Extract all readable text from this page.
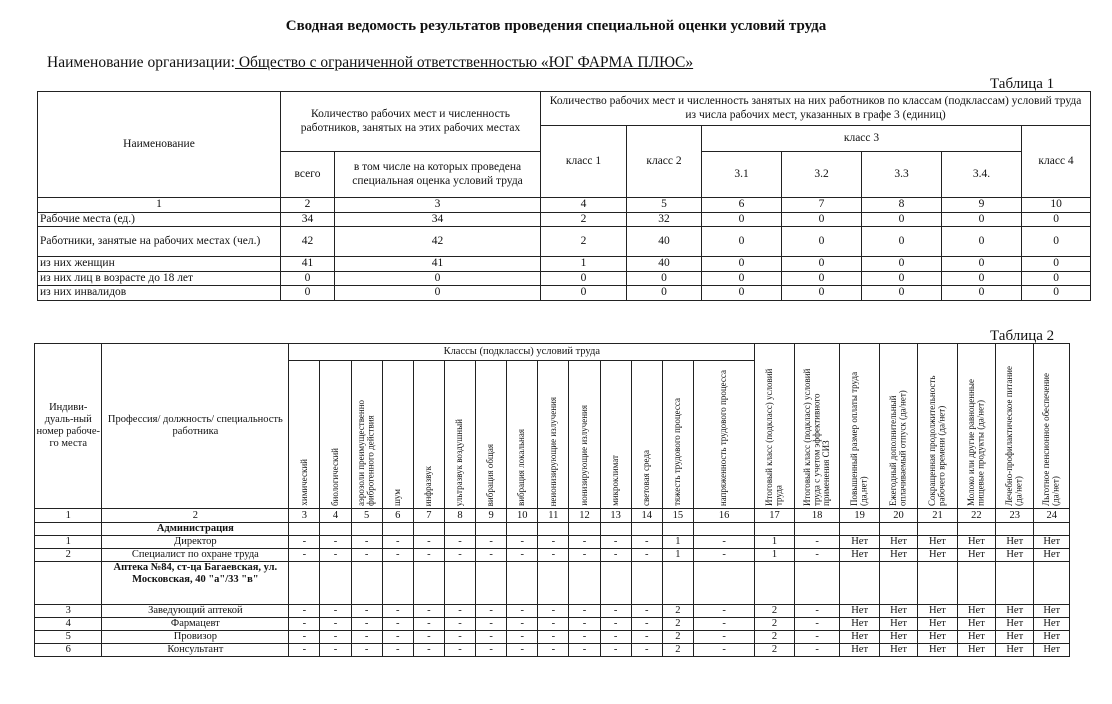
Сводная ведомость результатов проведения специальной оценки условий труда
Наименование организации: Общество с ограниченной ответственностью «ЮГ ФАРМА ПЛЮС»
Таблица 1
Наименование	Количество рабочих мест и численность работников, занятых на этих рабочих местах		Количество рабочих мест и численность занятых на них работников по классам (подклассам) условий труда из числа рабочих мест, указанных в графе 3 (единиц)						
			класс 1	класс 2	класс 3				класс 4
	всего	в том числе на которых проведена специальная оценка условий труда			3.1	3.2	3.3	3.4.	
1	2	3	4	5	6	7	8	9	10
Рабочие места (ед.)	34	34	2	32	0	0	0	0	0
Работники, занятые на рабочих местах (чел.)	42	42	2	40	0	0	0	0	0
из них женщин	41	41	1	40	0	0	0	0	0
из них лиц в возрасте до 18 лет	0	0	0	0	0	0	0	0	0
из них инвалидов	0	0	0	0	0	0	0	0	0
Таблица 2
Индиви-дуаль-ный номер рабоче-го места	Профессия/ должность/ специальность работника	Классы (подклассы) условий труда														Итоговый класс (подкласс) условий труда	Итоговый класс (подкласс) условий труда с учетом эффективного применения СИЗ	Повышенный размер оплаты труда (да,нет)	Ежегодный дополнительный оплачиваемый отпуск (да/нет)	Сокращенная продолжительность рабочего времени (да/нет)	Молоко или другие равноценные пищевые продукты (да/нет)	Лечебно-профилактическое питание (да/нет)	Льготное пенсионное обеспечение (да/нет)

		химический	биологический	аэрозоли преимущественно фиброгенного действия	шум	инфразвук	ультразвук воздушный	вибрация общая	вибрация локальная	неионизирующие излучения	ионизирующие излучения	микроклимат	световая среда	тяжесть трудового процесса	напряженность трудового процесса								

1	2	3	4	5	6	7	8	9	10	11	12	13	14	15	16	17	18	19	20	21	22	23	24
	Администрация																						
1	Директор	-	-	-	-	-	-	-	-	-	-	-	-	1	-	1	-	Нет	Нет	Нет	Нет	Нет	Нет
2	Специалист по охране труда	-	-	-	-	-	-	-	-	-	-	-	-	1	-	1	-	Нет	Нет	Нет	Нет	Нет	Нет
	Аптека №84, ст-ца Багаевская, ул. Московская, 40 "а"/33 "в"																						
3	Заведующий аптекой	-	-	-	-	-	-	-	-	-	-	-	-	2	-	2	-	Нет	Нет	Нет	Нет	Нет	Нет
4	Фармацевт	-	-	-	-	-	-	-	-	-	-	-	-	2	-	2	-	Нет	Нет	Нет	Нет	Нет	Нет
5	Провизор	-	-	-	-	-	-	-	-	-	-	-	-	2	-	2	-	Нет	Нет	Нет	Нет	Нет	Нет
6	Консультант	-	-	-	-	-	-	-	-	-	-	-	-	2	-	2	-	Нет	Нет	Нет	Нет	Нет	Нет
